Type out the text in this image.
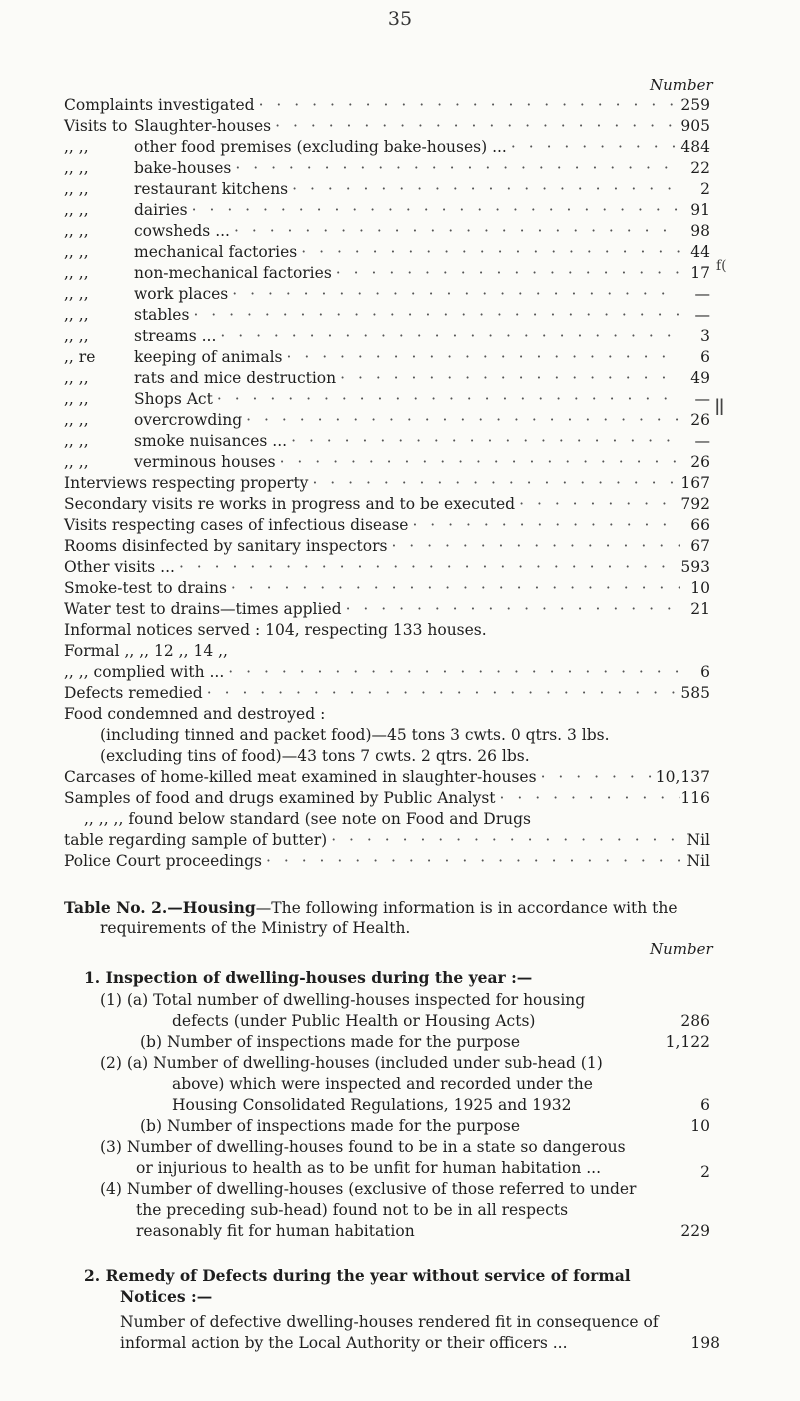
35
Number
Complaints investigated · · ·	259
Visits to Slaughter-houses · · ·	905
,, ,,	other food premises (excluding bake-houses) ... · · ·	484
,, ,,	bake-houses · · ·	22
,, ,,	restaurant kitchens · · ·	2
,, ,,	dairies · · ·	91
,, ,,	cowsheds ... · · ·	98
,, ,,	mechanical factories · · ·	44
,, ,,	non-mechanical factories · · ·	17
,, ,,	work places · · ·	—
,, ,,	stables · · ·	—
,, ,,	streams ... · · ·	3
,, re	keeping of animals · · ·	6
,, ,,	rats and mice destruction · · ·	49
,, ,,	Shops Act · · ·	—
,, ,,	overcrowding · · ·	26
,, ,,	smoke nuisances ... · · ·	—
,, ,,	verminous houses · · ·	26
Interviews respecting property · · ·	167
Secondary visits re works in progress and to be executed · · ·	792
Visits respecting cases of infectious disease · · ·	66
Rooms disinfected by sanitary inspectors · · ·	67
Other visits ... · · ·	593
Smoke-test to drains · · ·	10
Water test to drains—times applied · · ·	21
Informal notices served : 104, respecting 133 houses.
Formal ,, ,, 12 ,, 14 ,,
,, ,, complied with ... · · ·	6
Defects remedied · · ·	585
Food condemned and destroyed :
(including tinned and packet food)—45 tons 3 cwts. 0 qtrs. 3 lbs.
(excluding tins of food)—43 tons 7 cwts. 2 qtrs. 26 lbs.
Carcases of home-killed meat examined in slaughter-houses · · ·	10,137
Samples of food and drugs examined by Public Analyst · · ·	116
,, ,, ,, found below standard (see note on Food and Drugs
table regarding sample of butter) · · ·	Nil
Police Court proceedings · · ·	Nil
Table No. 2.—Housing—The following information is in accordance with the
requirements of the Ministry of Health.
Number
1. Inspection of dwelling-houses during the year :—
(1) (a) Total number of dwelling-houses inspected for housing
defects (under Public Health or Housing Acts)	286
(b) Number of inspections made for the purpose	1,122
(2) (a) Number of dwelling-houses (included under sub-head (1)
above) which were inspected and recorded under the
Housing Consolidated Regulations, 1925 and 1932	6
(b) Number of inspections made for the purpose	10
(3) Number of dwelling-houses found to be in a state so dangerous
or injurious to health as to be unfit for human habitation ...	2
(4) Number of dwelling-houses (exclusive of those referred to under
the preceding sub-head) found not to be in all respects
reasonably fit for human habitation	229
2. Remedy of Defects during the year without service of formal
Notices :—
Number of defective dwelling-houses rendered fit in consequence of
informal action by the Local Authority or their officers ...	198
f(
ǁ
